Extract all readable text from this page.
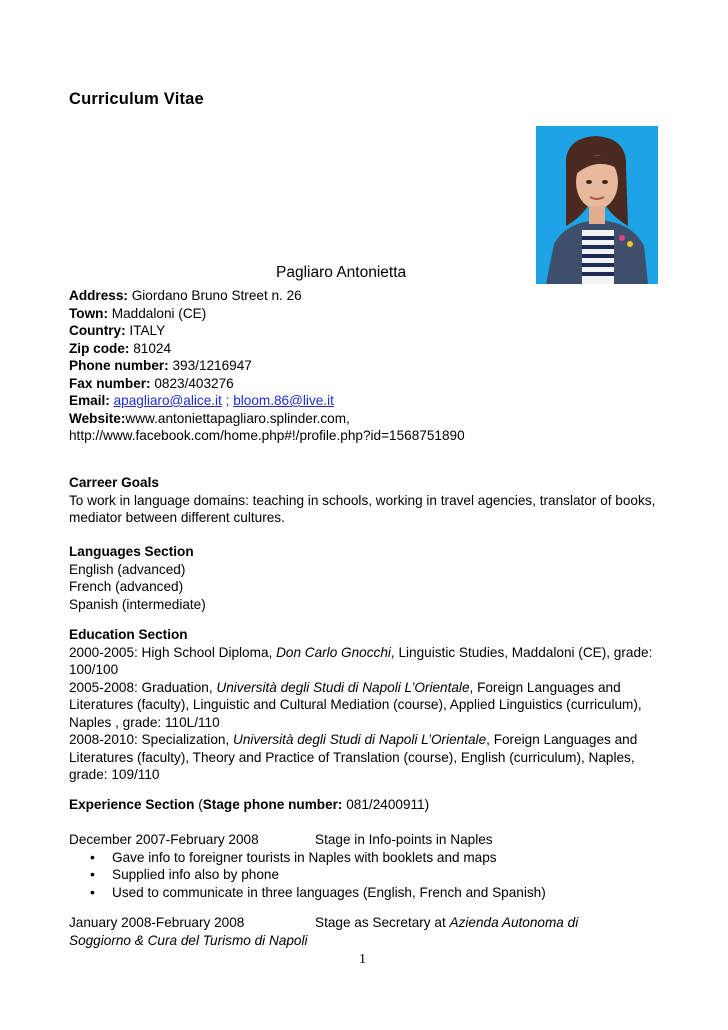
Curriculum Vitae
Pagliaro Antonietta
Address: Giordano Bruno Street n. 26
Town: Maddaloni (CE)
Country: ITALY
Zip code: 81024
Phone number: 393/1216947
Fax number: 0823/403276
Email: apagliaro@alice.it ; bloom.86@live.it
Website:www.antoniettapagliaro.splinder.com,
http://www.facebook.com/home.php#!/profile.php?id=1568751890
Carreer Goals
To work in language domains: teaching in schools, working in travel agencies, translator of books, mediator between different cultures.
Languages Section
English (advanced)
French (advanced)
Spanish (intermediate)
Education Section
2000-2005: High School Diploma, Don Carlo Gnocchi, Linguistic Studies, Maddaloni (CE), grade: 100/100
2005-2008: Graduation, Università degli Studi di Napoli L’Orientale, Foreign Languages and Literatures (faculty), Linguistic and Cultural Mediation (course), Applied Linguistics (curriculum), Naples , grade: 110L/110
2008-2010: Specialization, Università degli Studi di Napoli L’Orientale, Foreign Languages and Literatures (faculty), Theory and Practice of Translation (course), English (curriculum), Naples, grade: 109/110
Experience Section (Stage phone number: 081/2400911)
December 2007-February 2008	Stage in Info-points in Naples
• Gave info to foreigner tourists in Naples with booklets and maps
• Supplied info also by phone
• Used to communicate in three languages (English, French and Spanish)
January 2008-February 2008	Stage as Secretary at Azienda Autonoma di
Soggiorno & Cura del Turismo di Napoli
1
